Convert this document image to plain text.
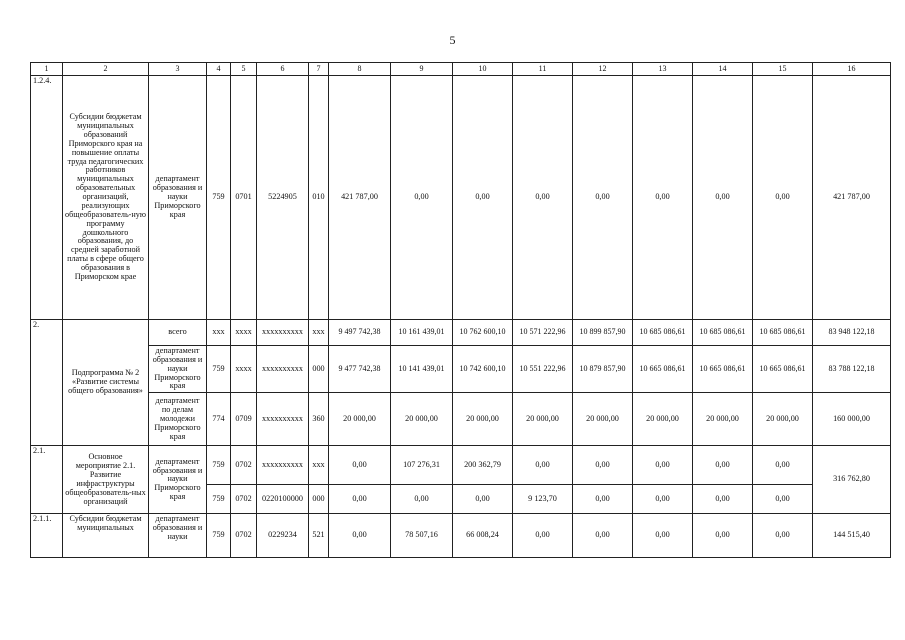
5
1	2	3	4	5	6	7	8	9	10	11	12	13	14	15	16
1.2.4.	Субсидии бюджетам муниципальных образований Приморского края на повышение оплаты труда педагогических работников муниципальных образовательных организаций, реализующих общеобразователь-ную программу дошкольного образования, до средней заработной платы в сфере общего образования в Приморском крае	департамент образования и науки Приморского края	759	0701	5224905	010	421 787,00	0,00	0,00	0,00	0,00	0,00	0,00	0,00	421 787,00
2.	Подпрограмма № 2 «Развитие системы общего образования»	всего	xxx	xxxx	xxxxxxxxxx	xxx	9 497 742,38	10 161 439,01	10 762 600,10	10 571 222,96	10 899 857,90	10 685 086,61	10 685 086,61	10 685 086,61	83 948 122,18
		департамент образования и науки Приморского края	759	xxxx	xxxxxxxxxx	000	9 477 742,38	10 141 439,01	10 742 600,10	10 551 222,96	10 879 857,90	10 665 086,61	10 665 086,61	10 665 086,61	83 788 122,18
		департамент по делам молодежи Приморского края	774	0709	xxxxxxxxxx	360	20 000,00	20 000,00	20 000,00	20 000,00	20 000,00	20 000,00	20 000,00	20 000,00	160 000,00
2.1.	Основное мероприятие 2.1. Развитие инфраструктуры общеобразователь-ных организаций	департамент образования и науки Приморского края	759	0702	xxxxxxxxxx	xxx	0,00	107 276,31	200 362,79	0,00	0,00	0,00	0,00	0,00	316 762,80
			759	0702	0220100000	000	0,00	0,00	0,00	9 123,70	0,00	0,00	0,00	0,00	
2.1.1.	Субсидии бюджетам муниципальных	департамент образования и науки	759	0702	0229234	521	0,00	78 507,16	66 008,24	0,00	0,00	0,00	0,00	0,00	144 515,40
